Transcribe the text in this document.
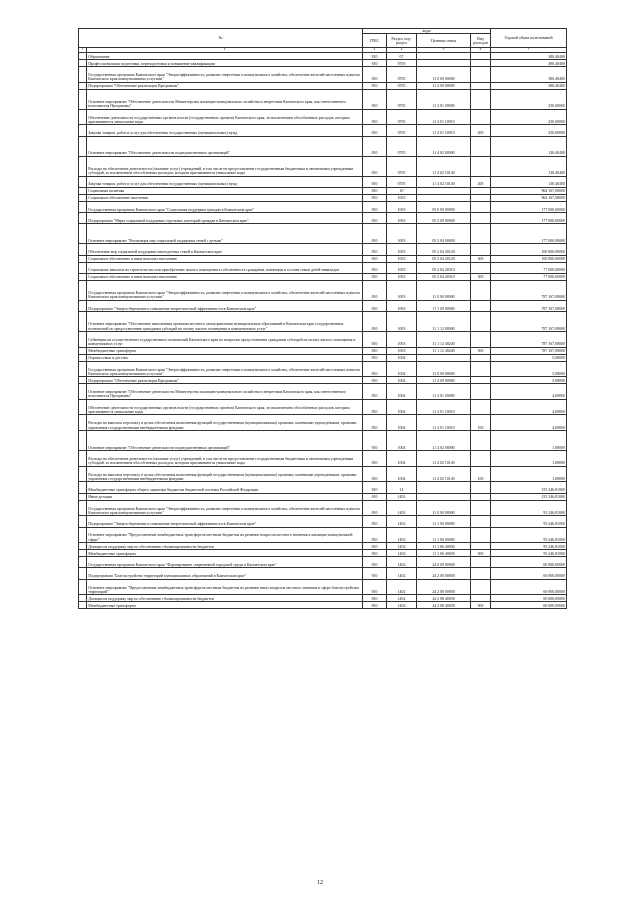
№		коды				Годовой объем ассигнований
		ГРБС	Раздел, под-раздел	Целевая статья	Вид расходов	
1	4	2	4	5	6	7
	Образование	810	07			380,40400
	Профессиональная подготовка, переподготовка и повышение квалификации	810	0705			380,40400
	Государственная программа Камчатского края "Энергоэффективность, развитие энергетики и коммунального хозяйства, обеспечение жителей населенных пунктов Камчатского края коммунальными услугами"	810	0705	11 0 00 00000		380,40400
	Подпрограмма "Обеспечение реализации Программы"	810	0705	11 4 00 00000		380,40400
	Основное мероприятие "Обеспечение деятельности Министерства жилищно-коммунального хозяйства и энергетики Камчатского края, как ответственного исполнителя Программы"	810	0705	11 4 01 00000		250,00000
	Обеспечение деятельности государственных органов власти (государственных органов) Камчатского края, за исключением обособленных расходов, которым присваиваются уникальные коды	810	0705	11 4 01 10010		250,00000
	Закупка товаров, работ и услуг для обеспечения государственных (муниципальных) нужд	810	0705	11 4 01 10010	200	250,00000
	Основное мероприятие "Обеспечение деятельности подведомственных организаций"	810	0705	11 4 02 00000		130,40400
	Расходы на обеспечение деятельности (оказание услуг) учреждений, в том числе на предоставление государственным бюджетным и автономным учреждениям субсидий, за исключением обособленных расходов, которым присваиваются уникальные коды	810	0705	11 4 02 10140		130,40400
	Закупка товаров, работ и услуг для обеспечения государственных (муниципальных) нужд	810	0705	11 4 02 10140	200	130,40400
	Социальная политика	810	10			964 167,08000
	Социальное обеспечение населения	810	1003			964 167,08000
	Государственная программа Камчатского края "Социальная поддержка граждан в Камчатском крае"	810	1003	05 0 00 00000		177 000,00000
	Подпрограмма "Меры социальной поддержки отдельных категорий граждан в Камчатском крае"	810	1003	05 2 00 00000		177 000,00000
	Основное мероприятие "Реализация мер социальной поддержки семей с детьми"	810	1003	05 2 04 00000		177 000,00000
	Обеспечение мер социальной поддержки многодетных семей в Камчатском крае	810	1003	05 2 04 20120		100 000,00000
	Социальное обеспечение и иные выплаты населению	810	1003	05 2 04 20120	300	100 000,00000
	Социальные выплаты на строительство или приобретение жилого помещения в собственность гражданам, имеющим в составе семьи детей-инвалидов	810	1003	05 2 04 20310		77 000,00000
	Социальное обеспечение и иные выплаты населению	810	1003	05 2 04 20310	300	77 000,00000
	Государственная программа Камчатского края "Энергоэффективность, развитие энергетики и коммунального хозяйства, обеспечение жителей населенных пунктов Камчатского края коммунальными услугами"	810	1003	11 0 00 00000		787 167,08000
	Подпрограмма "Энергосбережение и повышение энергетической эффективности в Камчатском крае"	810	1003	11 1 00 00000		787 167,08000
	Основное мероприятие "Обеспечение выполнения органами местного самоуправления муниципальных образований в Камчатском крае государственных полномочий по предоставлению гражданам субсидий на оплату жилого помещения и коммунальных услуг"	810	1003	11 1 12 00000		787 167,08000
	Субвенции на осуществление государственных полномочий Камчатского края по вопросам предоставления гражданам субсидий на оплату жилого помещения и коммунальных услуг	810	1003	11 1 12 40240		787 167,08000
	Межбюджетные трансферты	810	1003	11 1 12 40240	500	787 167,08000
	Охрана семьи и детства	810	1004			5,08000
	Государственная программа Камчатского края "Энергоэффективность, развитие энергетики и коммунального хозяйства, обеспечение жителей населенных пунктов Камчатского края коммунальными услугами"	810	1004	11 0 00 00000		5,08000
	Подпрограмма "Обеспечение реализации Программы"	810	1004	11 4 00 00000		5,08000
	Основное мероприятие "Обеспечение деятельности Министерства жилищно-коммунального хозяйства и энергетики Камчатского края, как ответственного исполнителя Программы"	810	1004	11 4 01 00000		4,00000
	Обеспечение деятельности государственных органов власти (государственных органов) Камчатского края, за исключением обособленных расходов, которым присваиваются уникальные коды	810	1004	11 4 01 10010		4,00000
	Расходы на выплаты персоналу в целях обеспечения выполнения функций государственными (муниципальными) органами, казенными учреждениями, органами управления государственными внебюджетными фондами	810	1004	11 4 01 10010	100	4,00000
	Основное мероприятие "Обеспечение деятельности подведомственных организаций"	810	1004	11 4 02 00000		1,08000
	Расходы на обеспечение деятельности (оказание услуг) учреждений, в том числе на предоставление государственным бюджетным и автономным учреждениям субсидий, за исключением обособленных расходов, которым присваиваются уникальные коды	810	1004	11 4 02 10140		1,08000
	Расходы на выплаты персоналу в целях обеспечения выполнения функций государственными (муниципальными) органами, казенными учреждениями, органами управления государственными внебюджетными фондами	810	1004	11 4 02 10140	100	1,08000
	Межбюджетные трансферты общего характера бюджетам бюджетной системы Российской Федерации	810	14			155 246,81000
	Иные дотации	810	1402			155 246,81000
	Государственная программа Камчатского края "Энергоэффективность, развитие энергетики и коммунального хозяйства, обеспечение жителей населенных пунктов Камчатского края коммунальными услугами"	810	1402	11 0 00 00000		95 246,81000
	Подпрограмма "Энергосбережение и повышение энергетической эффективности в Камчатском крае"	810	1402	11 1 00 00000		95 246,81000
	Основное мероприятие "Предоставление межбюджетных трансфертов местным бюджетам на решение вопросов местного значения в жилищно-коммунальной сфере"	810	1402	11 1 06 00000		95 246,81000
	Дотации на поддержку мер по обеспечению сбалансированности бюджетов	810	1402	11 1 06 40030		95 246,81000
	Межбюджетные трансферты	810	1402	11 1 06 40030	500	95 246,81000
	Государственная программа Камчатского края "Формирование современной городской среды в Камчатском крае"	810	1402	24 0 00 00000		60 000,00000
	Подпрограмма "Благоустройство территорий муниципальных образований в Камчатском крае"	810	1402	24 2 00 00000		60 000,00000
	Основное мероприятие "Предоставление межбюджетных трансфертов местным бюджетам на решение иных вопросов местного значения в сфере благоустройства территорий"	810	1402	24 2 08 00000		60 000,00000
	Дотации на поддержку мер по обеспечению сбалансированности бюджетов	810	1402	24 2 08 40030		60 000,00000
	Межбюджетные трансферты	810	1402	24 2 08 40030	500	60 000,00000
12
